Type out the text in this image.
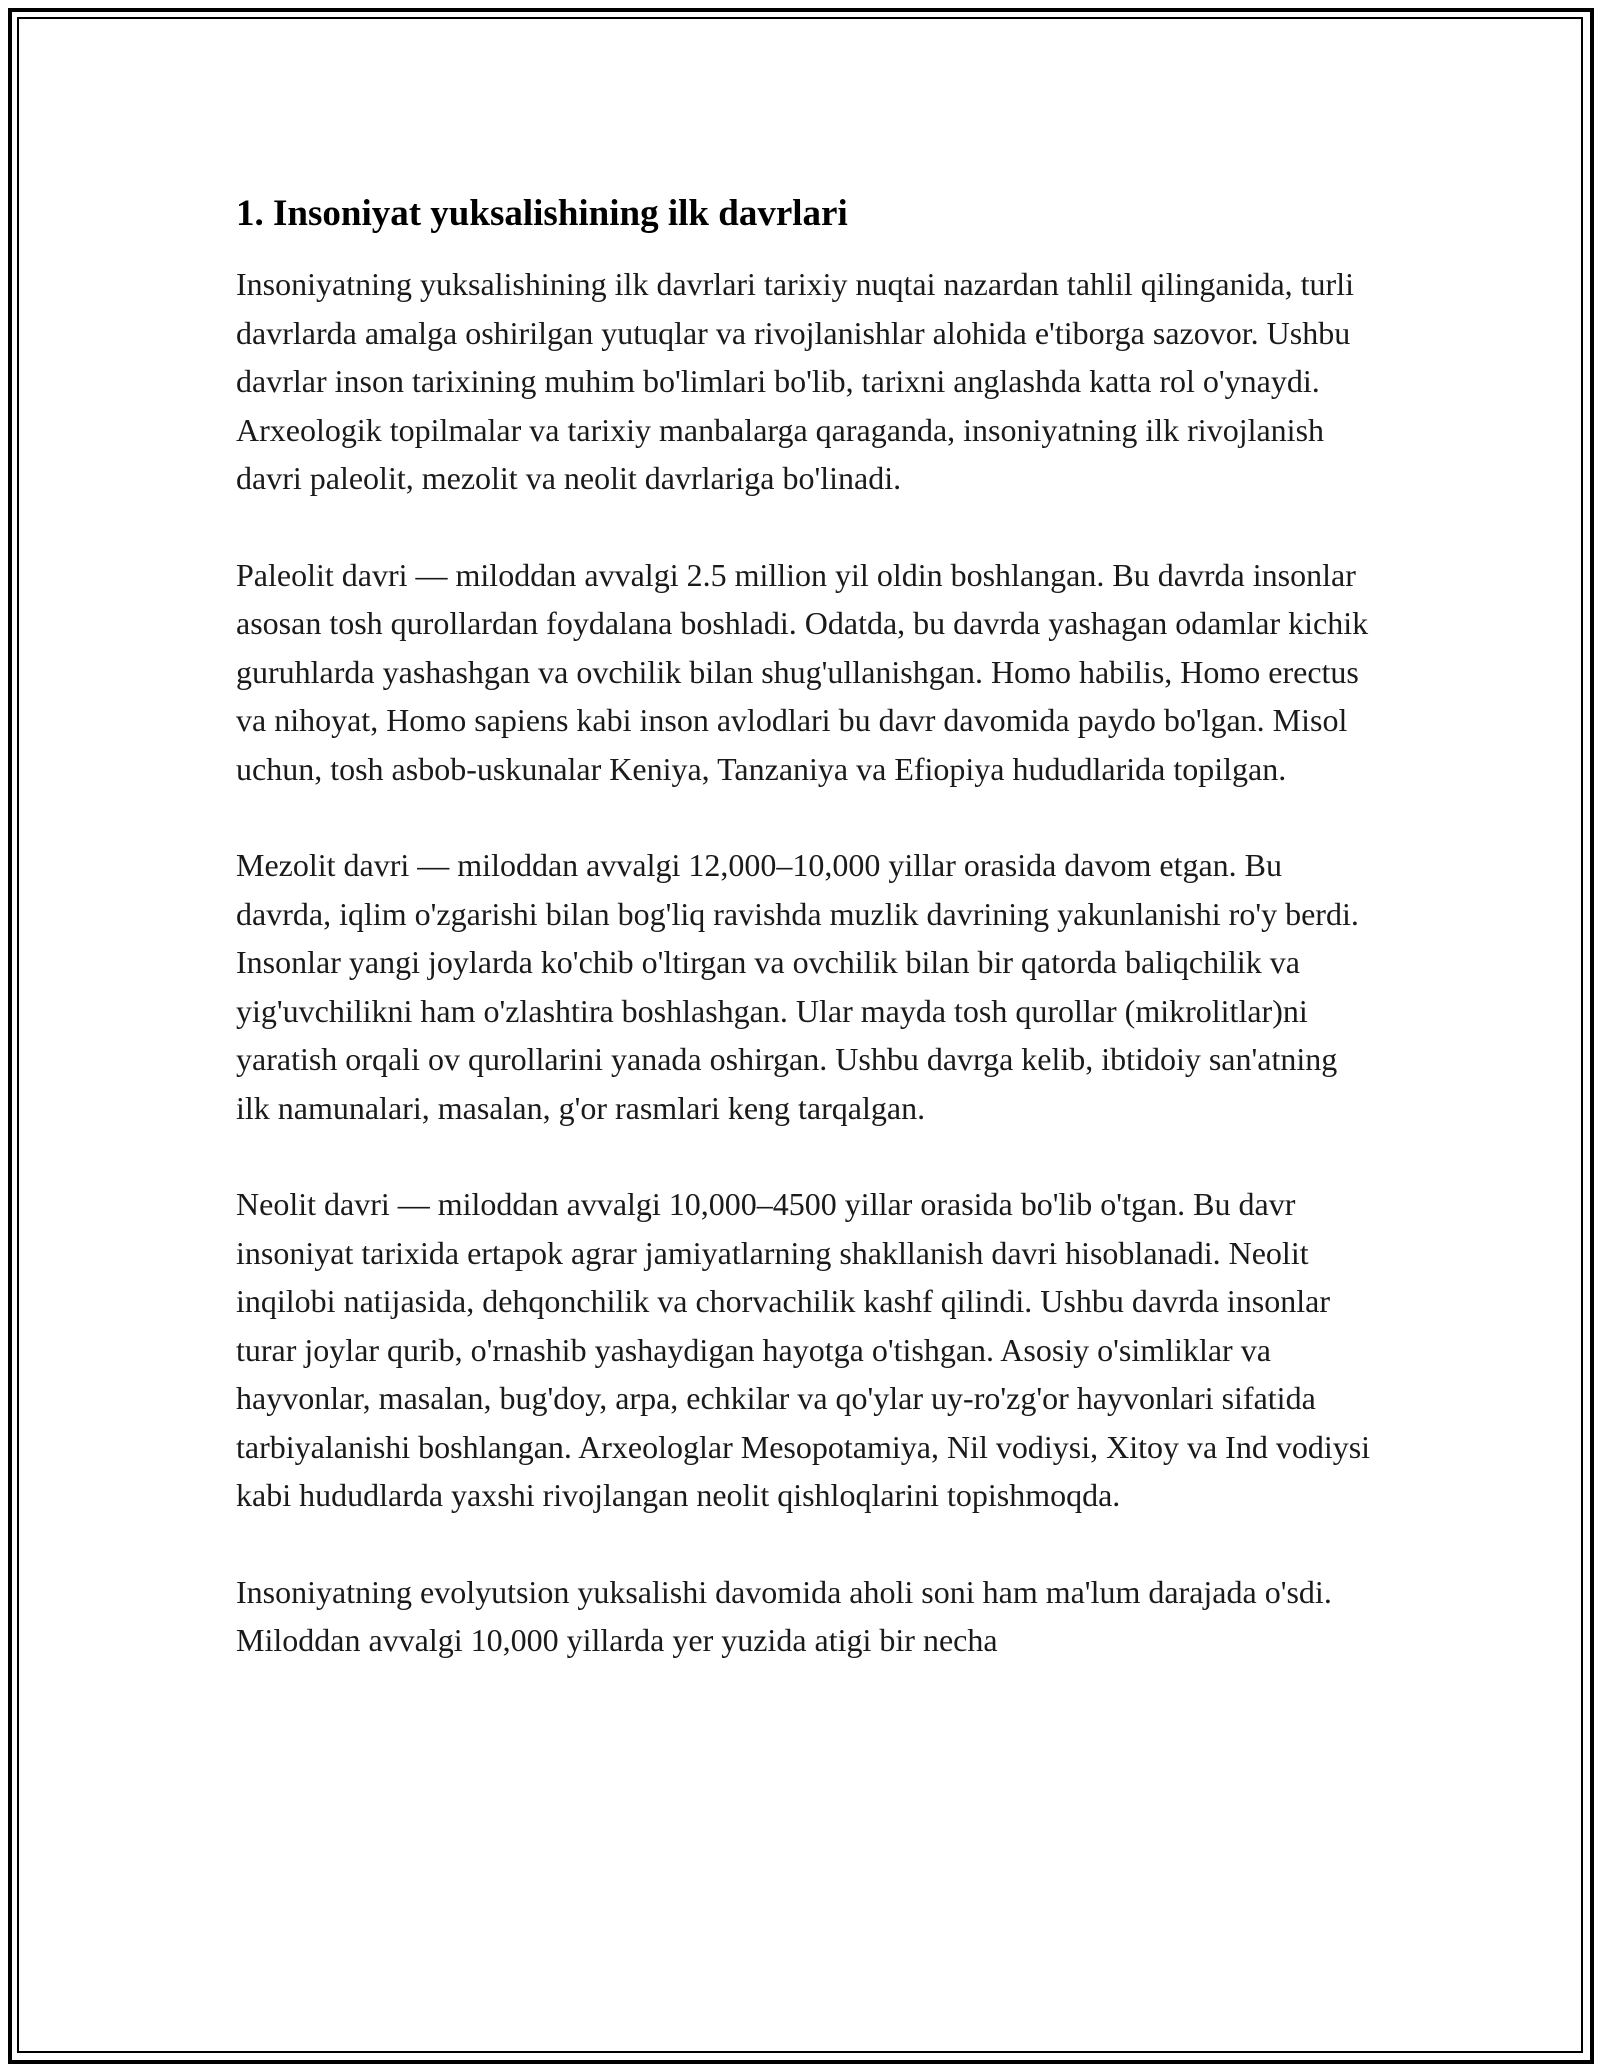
1. Insoniyat yuksalishining ilk davrlari

Insoniyatning yuksalishining ilk davrlari tarixiy nuqtai nazardan tahlil qilinganida, turli davrlarda amalga oshirilgan yutuqlar va rivojlanishlar alohida e'tiborga sazovor. Ushbu davrlar inson tarixining muhim bo'limlari bo'lib, tarixni anglashda katta rol o'ynaydi. Arxeologik topilmalar va tarixiy manbalarga qaraganda, insoniyatning ilk rivojlanish davri paleolit, mezolit va neolit davrlariga bo'linadi.

Paleolit davri — miloddan avvalgi 2.5 million yil oldin boshlangan. Bu davrda insonlar asosan tosh qurollardan foydalana boshladi. Odatda, bu davrda yashagan odamlar kichik guruhlarda yashashgan va ovchilik bilan shug'ullanishgan. Homo habilis, Homo erectus va nihoyat, Homo sapiens kabi inson avlodlari bu davr davomida paydo bo'lgan. Misol uchun, tosh asbob-uskunalar Keniya, Tanzaniya va Efiopiya hududlarida topilgan.

Mezolit davri — miloddan avvalgi 12,000–10,000 yillar orasida davom etgan. Bu davrda, iqlim o'zgarishi bilan bog'liq ravishda muzlik davrining yakunlanishi ro'y berdi. Insonlar yangi joylarda ko'chib o'ltirgan va ovchilik bilan bir qatorda baliqchilik va yig'uvchilikni ham o'zlashtira boshlashgan. Ular mayda tosh qurollar (mikrolitlar)ni yaratish orqali ov qurollarini yanada oshirgan. Ushbu davrga kelib, ibtidoiy san'atning ilk namunalari, masalan, g'or rasmlari keng tarqalgan.

Neolit davri — miloddan avvalgi 10,000–4500 yillar orasida bo'lib o'tgan. Bu davr insoniyat tarixida ertapok agrar jamiyatlarning shakllanish davri hisoblanadi. Neolit inqilobi natijasida, dehqonchilik va chorvachilik kashf qilindi. Ushbu davrda insonlar turar joylar qurib, o'rnashib yashaydigan hayotga o'tishgan. Asosiy o'simliklar va hayvonlar, masalan, bug'doy, arpa, echkilar va qo'ylar uy-ro'zg'or hayvonlari sifatida tarbiyalanishi boshlangan. Arxeologlar Mesopotamiya, Nil vodiysi, Xitoy va Ind vodiysi kabi hududlarda yaxshi rivojlangan neolit qishloqlarini topishmoqda.

Insoniyatning evolyutsion yuksalishi davomida aholi soni ham ma'lum darajada o'sdi. Miloddan avvalgi 10,000 yillarda yer yuzida atigi bir necha
